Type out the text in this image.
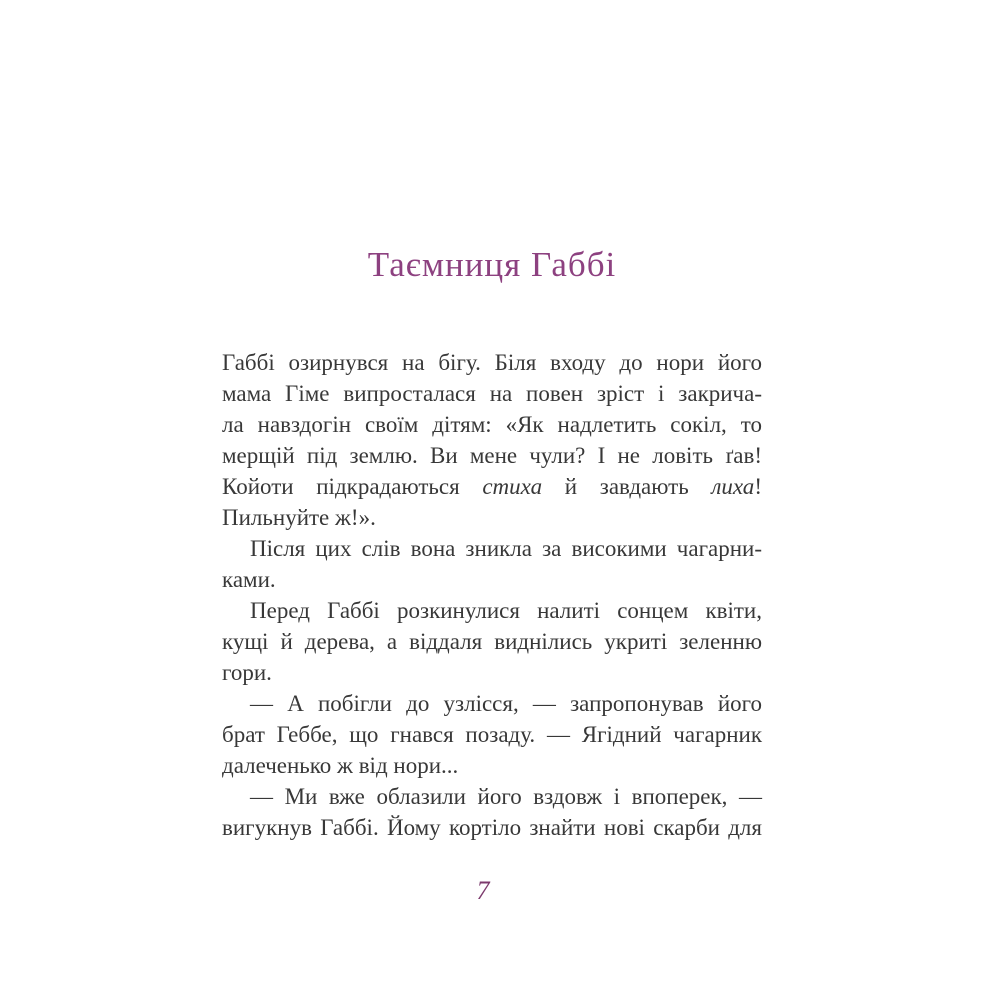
Таємниця Габбі
Габбі озирнувся на бігу. Біля входу до нори його
мама Гіме випросталася на повен зріст і закрича-
ла навздогін своїм дітям: «Як надлетить сокіл, то
мерщій під землю. Ви мене чули? І не ловіть ґав!
Койоти підкрадаються стиха й завдають лиха!
Пильнуйте ж!».
Після цих слів вона зникла за високими чагарни-
ками.
Перед Габбі розкинулися налиті сонцем квіти,
кущі й дерева, а віддаля виднілись укриті зеленню
гори.
— А побігли до узлісся, — запропонував його
брат Геббе, що гнався позаду. — Ягідний чагарник
далеченько ж від нори...
— Ми вже облазили його вздовж і впоперек, —
вигукнув Габбі. Йому кортіло знайти нові скарби для
7
